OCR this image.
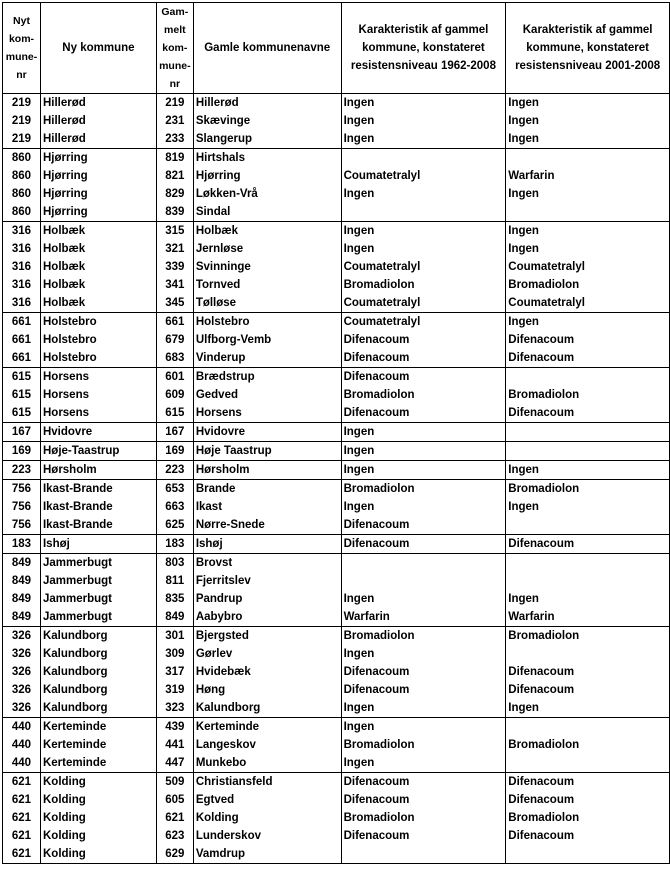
Nyt kom-mune-nr	Ny kommune	Gam-melt kom-mune-nr	Gamle kommunenavne	Karakteristik af gammel kommune, konstateret resistensniveau 1962-2008	Karakteristik af gammel kommune, konstateret resistensniveau 2001-2008
219	Hillerød	219	Hillerød	Ingen	Ingen
219	Hillerød	231	Skævinge	Ingen	Ingen
219	Hillerød	233	Slangerup	Ingen	Ingen
860	Hjørring	819	Hirtshals		
860	Hjørring	821	Hjørring	Coumatetralyl	Warfarin
860	Hjørring	829	Løkken-Vrå	Ingen	Ingen
860	Hjørring	839	Sindal		
316	Holbæk	315	Holbæk	Ingen	Ingen
316	Holbæk	321	Jernløse	Ingen	Ingen
316	Holbæk	339	Svinninge	Coumatetralyl	Coumatetralyl
316	Holbæk	341	Tornved	Bromadiolon	Bromadiolon
316	Holbæk	345	Tølløse	Coumatetralyl	Coumatetralyl
661	Holstebro	661	Holstebro	Coumatetralyl	Ingen
661	Holstebro	679	Ulfborg-Vemb	Difenacoum	Difenacoum
661	Holstebro	683	Vinderup	Difenacoum	Difenacoum
615	Horsens	601	Brædstrup	Difenacoum	
615	Horsens	609	Gedved	Bromadiolon	Bromadiolon
615	Horsens	615	Horsens	Difenacoum	Difenacoum
167	Hvidovre	167	Hvidovre	Ingen	
169	Høje-Taastrup	169	Høje Taastrup	Ingen	
223	Hørsholm	223	Hørsholm	Ingen	Ingen
756	Ikast-Brande	653	Brande	Bromadiolon	Bromadiolon
756	Ikast-Brande	663	Ikast	Ingen	Ingen
756	Ikast-Brande	625	Nørre-Snede	Difenacoum	
183	Ishøj	183	Ishøj	Difenacoum	Difenacoum
849	Jammerbugt	803	Brovst		
849	Jammerbugt	811	Fjerritslev		
849	Jammerbugt	835	Pandrup	Ingen	Ingen
849	Jammerbugt	849	Aabybro	Warfarin	Warfarin
326	Kalundborg	301	Bjergsted	Bromadiolon	Bromadiolon
326	Kalundborg	309	Gørlev	Ingen	
326	Kalundborg	317	Hvidebæk	Difenacoum	Difenacoum
326	Kalundborg	319	Høng	Difenacoum	Difenacoum
326	Kalundborg	323	Kalundborg	Ingen	Ingen
440	Kerteminde	439	Kerteminde	Ingen	
440	Kerteminde	441	Langeskov	Bromadiolon	Bromadiolon
440	Kerteminde	447	Munkebo	Ingen	
621	Kolding	509	Christiansfeld	Difenacoum	Difenacoum
621	Kolding	605	Egtved	Difenacoum	Difenacoum
621	Kolding	621	Kolding	Bromadiolon	Bromadiolon
621	Kolding	623	Lunderskov	Difenacoum	Difenacoum
621	Kolding	629	Vamdrup		
